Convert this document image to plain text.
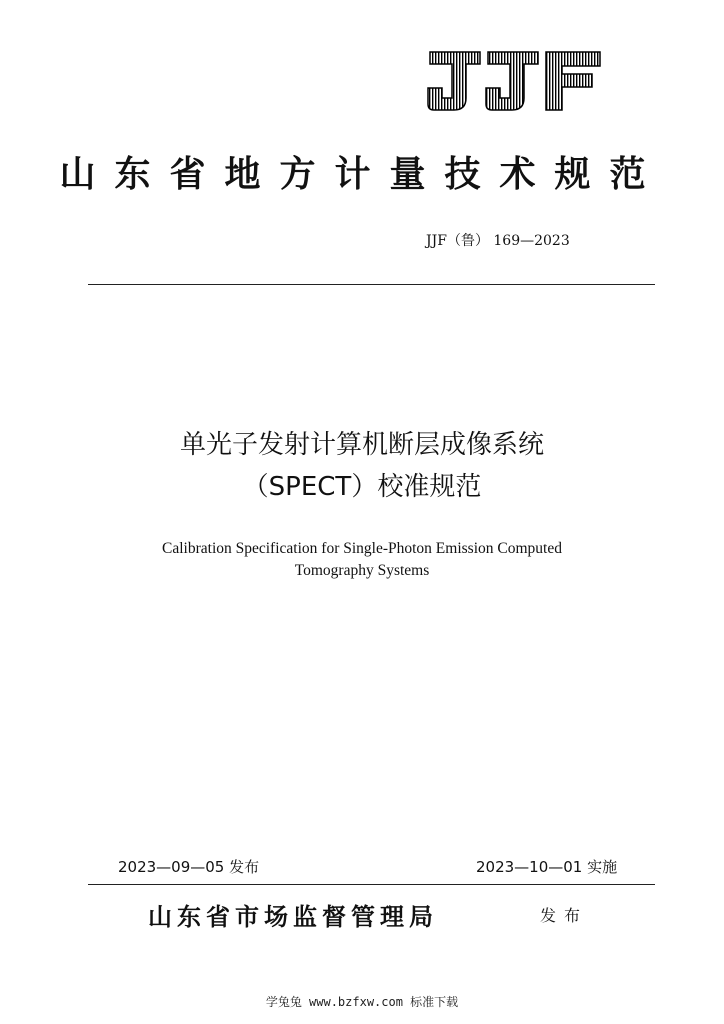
山东省地方计量技术规范
JJF（鲁） 169—2023
单光子发射计算机断层成像系统
（SPECT）校准规范
Calibration Specification for Single-Photon Emission Computed
Tomography Systems
2023—09—05 发布	2023—10—01 实施
山东省市场监督管理局	发布
学兔兔 www.bzfxw.com 标准下载
